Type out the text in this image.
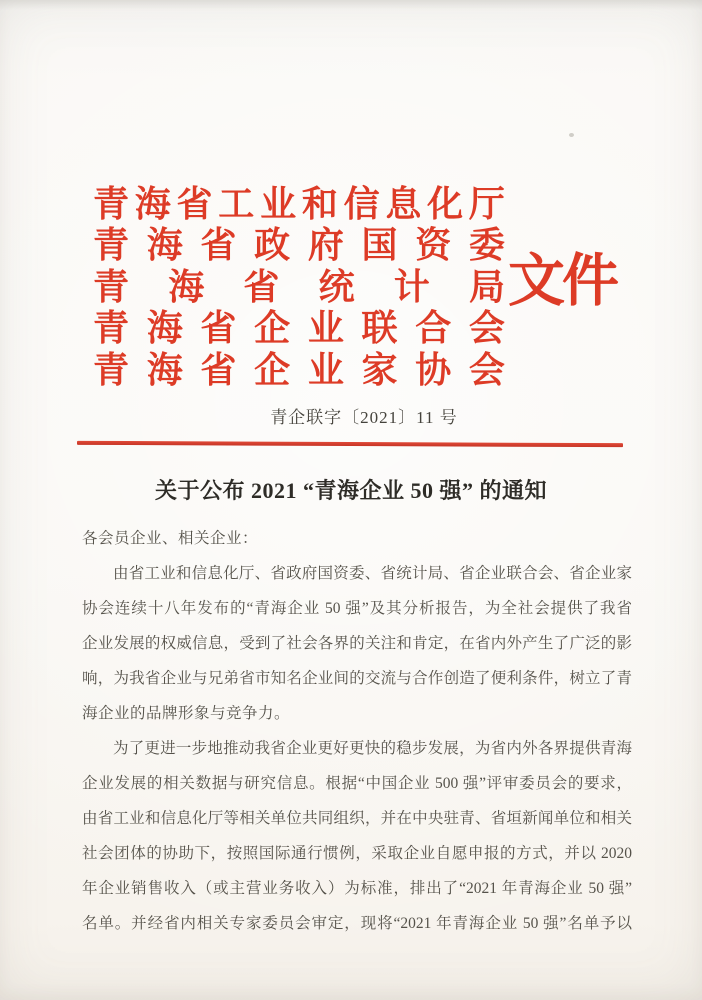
青 海 省 工 业 和 信 息 化 厅
青 海 省 政 府 国 资 委
青 海 省 统 计 局
青 海 省 企 业 联 合 会
青 海 省 企 业 家 协 会
文件
青企联字〔2021〕11 号
关于公布 2021 “青海企业 50 强” 的通知
各会员企业、相关企业：
由省工业和信息化厅、省政府国资委、省统计局、省企业联合会、省企业家
协会连续十八年发布的“青海企业 50 强”及其分析报告，为全社会提供了我省
企业发展的权威信息，受到了社会各界的关注和肯定，在省内外产生了广泛的影
响，为我省企业与兄弟省市知名企业间的交流与合作创造了便利条件，树立了青
海企业的品牌形象与竞争力。
为了更进一步地推动我省企业更好更快的稳步发展，为省内外各界提供青海
企业发展的相关数据与研究信息。根据“中国企业 500 强”评审委员会的要求，
由省工业和信息化厅等相关单位共同组织，并在中央驻青、省垣新闻单位和相关
社会团体的协助下，按照国际通行惯例，采取企业自愿申报的方式，并以 2020
年企业销售收入（或主营业务收入）为标准，排出了“2021 年青海企业 50 强”
名单。并经省内相关专家委员会审定，现将“2021 年青海企业 50 强”名单予以
